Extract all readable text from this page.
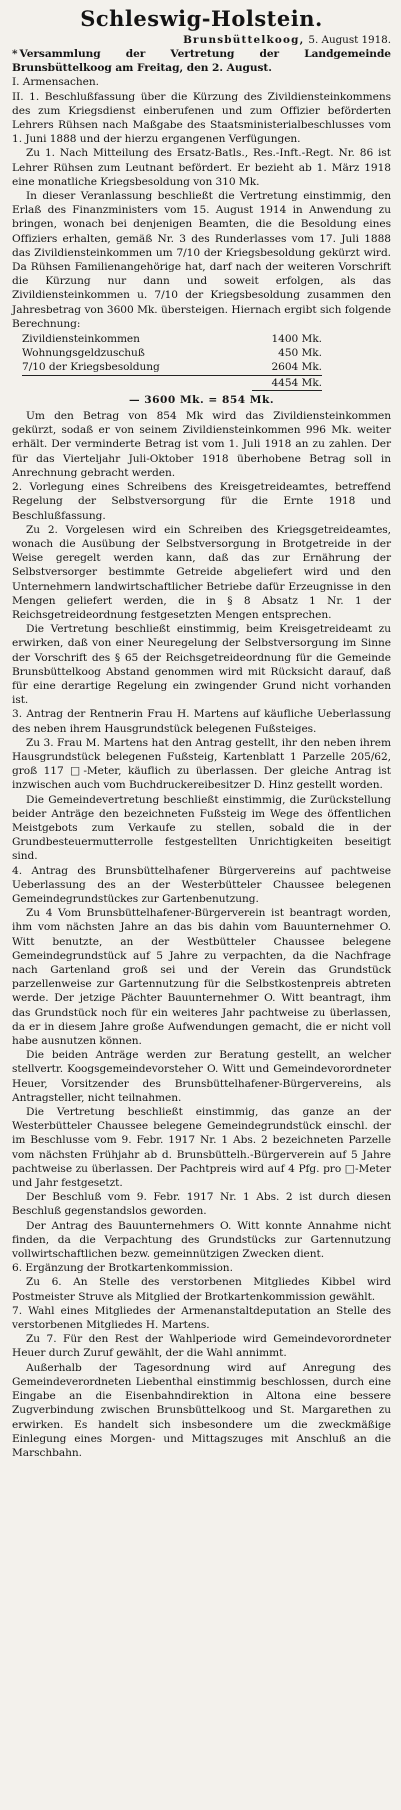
Schleswig-Holstein.
Brunsbüttelkoog, 5. August 1918.

* Versammlung der Vertretung der Landgemeinde Brunsbüttelkoog am Freitag, den 2. August.

I. Armensachen.

II. 1. Beschlußfassung über die Kürzung des Zivildiensteinkommens des zum Kriegsdienst einberufenen und zum Offizier beförderten Lehrers Rühsen nach Maßgabe des Staatsministerialbeschlusses vom 1. Juni 1888 und der hierzu ergangenen Verfügungen.

Zu 1. Nach Mitteilung des Ersatz-Batls., Res.-Inft.-Regt. Nr. 86 ist Lehrer Rühsen zum Leutnant befördert. Er bezieht ab 1. März 1918 eine monatliche Kriegsbesoldung von 310 Mk.

In dieser Veranlassung beschließt die Vertretung einstimmig, den Erlaß des Finanzministers vom 15. August 1914 in Anwendung zu bringen, wonach bei denjenigen Beamten, die die Besoldung eines Offiziers erhalten, gemäß Nr. 3 des Runderlasses vom 17. Juli 1888 das Zivildiensteinkommen um 7/10 der Kriegsbesoldung gekürzt wird. Da Rühsen Familienangehörige hat, darf nach der weiteren Vorschrift die Kürzung nur dann und soweit erfolgen, als das Zivildiensteinkommen u. 7/10 der Kriegsbesoldung zusammen den Jahresbetrag von 3600 Mk. übersteigen. Hiernach ergibt sich folgende Berechnung:

Zivildiensteinkommen	1400 Mk.
Wohnungsgeldzuschuß	450 Mk.
7/10 der Kriegsbesoldung	2604 Mk.
4454 Mk.
— 3600 Mk. = 854 Mk.

Um den Betrag von 854 Mk wird das Zivildiensteinkommen gekürzt, sodaß er von seinem Zivildiensteinkommen 996 Mk. weiter erhält. Der verminderte Betrag ist vom 1. Juli 1918 an zu zahlen. Der für das Vierteljahr Juli-Oktober 1918 überhobene Betrag soll in Anrechnung gebracht werden.

2. Vorlegung eines Schreibens des Kreisgetreideamtes, betreffend Regelung der Selbstversorgung für die Ernte 1918 und Beschlußfassung.

Zu 2. Vorgelesen wird ein Schreiben des Kriegsgetreideamtes, wonach die Ausübung der Selbstversorgung in Brotgetreide in der Weise geregelt werden kann, daß das zur Ernährung der Selbstversorger bestimmte Getreide abgeliefert wird und den Unternehmern landwirtschaftlicher Betriebe dafür Erzeugnisse in den Mengen geliefert werden, die in § 8 Absatz 1 Nr. 1 der Reichsgetreideordnung festgesetzten Mengen entsprechen.

Die Vertretung beschließt einstimmig, beim Kreisgetreideamt zu erwirken, daß von einer Neuregelung der Selbstversorgung im Sinne der Vorschrift des § 65 der Reichsgetreideordnung für die Gemeinde Brunsbüttelkoog Abstand genommen wird mit Rücksicht darauf, daß für eine derartige Regelung ein zwingender Grund nicht vorhanden ist.

3. Antrag der Rentnerin Frau H. Martens auf käufliche Ueberlassung des neben ihrem Hausgrundstück belegenen Fußsteiges.

Zu 3. Frau M. Martens hat den Antrag gestellt, ihr den neben ihrem Hausgrundstück belegenen Fußsteig, Kartenblatt 1 Parzelle 205/62, groß 117 □-Meter, käuflich zu überlassen. Der gleiche Antrag ist inzwischen auch vom Buchdruckereibesitzer D. Hinz gestellt worden.

Die Gemeindevertretung beschließt einstimmig, die Zurückstellung beider Anträge den bezeichneten Fußsteig im Wege des öffentlichen Meistgebots zum Verkaufe zu stellen, sobald die in der Grundbesteuermutterrolle festgestellten Unrichtigkeiten beseitigt sind.

4. Antrag des Brunsbüttelhafener Bürgervereins auf pachtweise Ueberlassung des an der Westerbütteler Chaussee belegenen Gemeindegrundstückes zur Gartenbenutzung.

Zu 4 Vom Brunsbüttelhafener-Bürgerverein ist beantragt worden, ihm vom nächsten Jahre an das bis dahin vom Bauunternehmer O. Witt benutzte, an der Westbütteler Chaussee belegene Gemeindegrundstück auf 5 Jahre zu verpachten, da die Nachfrage nach Gartenland groß sei und der Verein das Grundstück parzellenweise zur Gartennutzung für die Selbstkostenpreis abtreten werde. Der jetzige Pächter Bauunternehmer O. Witt beantragt, ihm das Grundstück noch für ein weiteres Jahr pachtweise zu überlassen, da er in diesem Jahre große Aufwendungen gemacht, die er nicht voll habe ausnutzen können.

Die beiden Anträge werden zur Beratung gestellt, an welcher stellvertr. Koogsgemeindevorsteher O. Witt und Gemeindevorordneter Heuer, Vorsitzender des Brunsbüttelhafener-Bürgervereins, als Antragsteller, nicht teilnahmen.

Die Vertretung beschließt einstimmig, das ganze an der Westerbütteler Chaussee belegene Gemeindegrundstück einschl. der im Beschlusse vom 9. Febr. 1917 Nr. 1 Abs. 2 bezeichneten Parzelle vom nächsten Frühjahr ab d. Brunsbüttelh.-Bürgerverein auf 5 Jahre pachtweise zu überlassen. Der Pachtpreis wird auf 4 Pfg. pro □-Meter und Jahr festgesetzt.

Der Beschluß vom 9. Febr. 1917 Nr. 1 Abs. 2 ist durch diesen Beschluß gegenstandslos geworden.

Der Antrag des Bauunternehmers O. Witt konnte Annahme nicht finden, da die Verpachtung des Grundstücks zur Gartennutzung vollwirtschaftlichen bezw. gemeinnützigen Zwecken dient.

6. Ergänzung der Brotkartenkommission.

Zu 6. An Stelle des verstorbenen Mitgliedes Kibbel wird Postmeister Struve als Mitglied der Brotkartenkommission gewählt.

7. Wahl eines Mitgliedes der Armenanstaltdeputation an Stelle des verstorbenen Mitgliedes H. Martens.

Zu 7. Für den Rest der Wahlperiode wird Gemeindevorordneter Heuer durch Zuruf gewählt, der die Wahl annimmt.

Außerhalb der Tagesordnung wird auf Anregung des Gemeindeverordneten Liebenthal einstimmig beschlossen, durch eine Eingabe an die Eisenbahndirektion in Altona eine bessere Zugverbindung zwischen Brunsbüttelkoog und St. Margarethen zu erwirken. Es handelt sich insbesondere um die zweckmäßige Einlegung eines Morgen- und Mittagszuges mit Anschluß an die Marschbahn.
